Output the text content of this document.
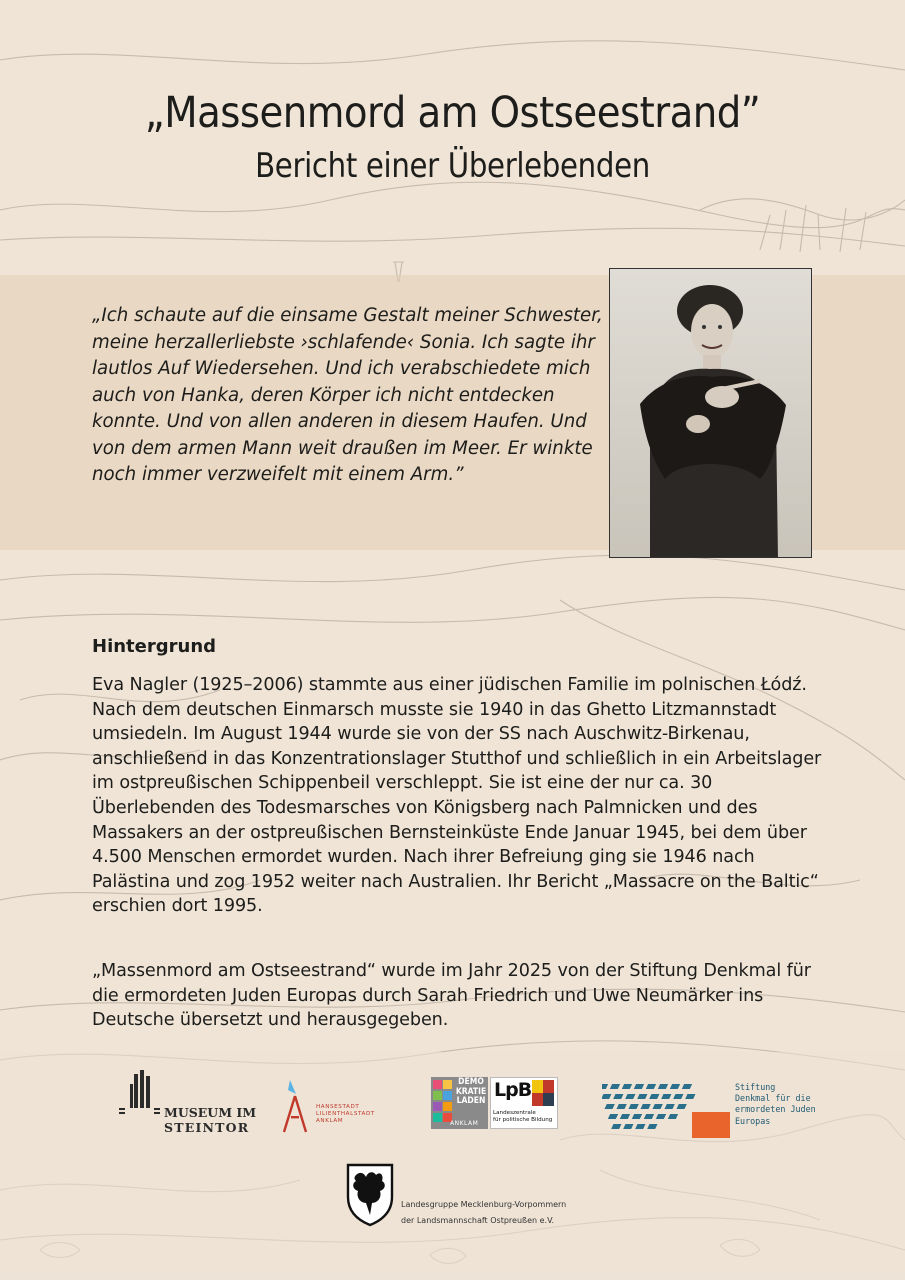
„Massenmord am Ostseestrand”
Bericht einer Überlebenden

„Ich schaute auf die einsame Gestalt meiner Schwester, meine herzallerliebste ›schlafende‹ Sonia. Ich sagte ihr lautlos Auf Wiedersehen. Und ich verabschiedete mich auch von Hanka, deren Körper ich nicht entdecken konnte. Und von allen anderen in diesem Haufen. Und von dem armen Mann weit draußen im Meer. Er winkte noch immer verzweifelt mit einem Arm.”

Hintergrund

Eva Nagler (1925–2006) stammte aus einer jüdischen Familie im polnischen Łódź. Nach dem deutschen Einmarsch musste sie 1940 in das Ghetto Litzmannstadt umsiedeln. Im August 1944 wurde sie von der SS nach Auschwitz-Birkenau, anschließend in das Konzentrationslager Stutthof und schließlich in ein Arbeitslager im ostpreußischen Schippenbeil verschleppt. Sie ist eine der nur ca. 30 Überlebenden des Todesmarsches von Königsberg nach Palmnicken und des Massakers an der ostpreußischen Bernsteinküste Ende Januar 1945, bei dem über 4.500 Menschen ermordet wurden. Nach ihrer Befreiung ging sie 1946 nach Palästina und zog 1952 weiter nach Australien. Ihr Bericht „Massacre on the Baltic“ erschien dort 1995.

„Massenmord am Ostseestrand“ wurde im Jahr 2025 von der Stiftung Denkmal für die ermordeten Juden Europas durch Sarah Friedrich und Uwe Neumärker ins Deutsche übersetzt und herausgegeben.

MUSEUM IM
STEINTOR
HANSESTADT
LILIENTHALSTADT
ANKLAM
DEMO
KRATIE
LADEN
ANKLAM
LpB
Landeszentrale
für politische Bildung
Stiftung
Denkmal für die
ermordeten Juden
Europas
Landesgruppe Mecklenburg-Vorpommern
der Landsmannschaft Ostpreußen e.V.
